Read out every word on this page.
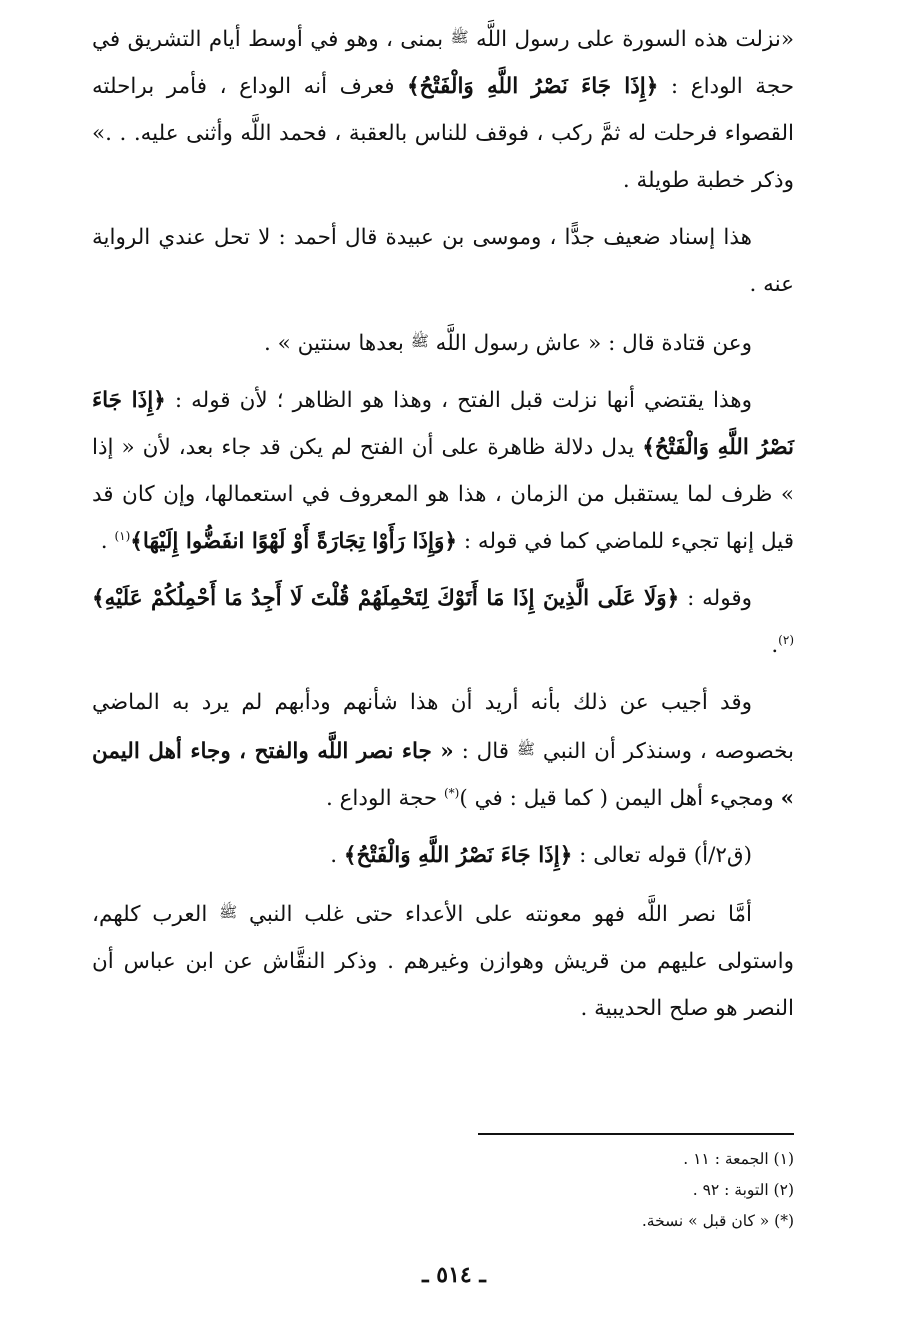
«نزلت هذه السورة على رسول اللَّه ﷺ بمنى ، وهو في أوسط أيام التشريق في حجة الوداع : ﴿إِذَا جَاءَ نَصْرُ اللَّهِ وَالْفَتْحُ﴾ فعرف أنه الوداع ، فأمر براحلته القصواء فرحلت له ثمَّ ركب ، فوقف للناس بالعقبة ، فحمد اللَّه وأثنى عليه. . .» وذكر خطبة طويلة .

هذا إسناد ضعيف جدًّا ، وموسى بن عبيدة قال أحمد : لا تحل عندي الرواية عنه .

وعن قتادة قال : « عاش رسول اللَّه ﷺ بعدها سنتين » .

وهذا يقتضي أنها نزلت قبل الفتح ، وهذا هو الظاهر ؛ لأن قوله : ﴿إِذَا جَاءَ نَصْرُ اللَّهِ وَالْفَتْحُ﴾ يدل دلالة ظاهرة على أن الفتح لم يكن قد جاء بعد، لأن « إذا » ظرف لما يستقبل من الزمان ، هذا هو المعروف في استعمالها، وإن كان قد قيل إنها تجيء للماضي كما في قوله : ﴿وَإِذَا رَأَوْا تِجَارَةً أَوْ لَهْوًا انفَضُّوا إِلَيْهَا﴾$^{(١)}$ .

وقوله : ﴿وَلَا عَلَى الَّذِينَ إِذَا مَا أَتَوْكَ لِتَحْمِلَهُمْ قُلْتَ لَا أَجِدُ مَا أَحْمِلُكُمْ عَلَيْهِ﴾$^{(٢)}$.

وقد أجيب عن ذلك بأنه أريد أن هذا شأنهم ودأبهم لم يرد به الماضي بخصوصه ، وسنذكر أن النبي ﷺ قال : « جاء نصر اللَّه والفتح ، وجاء أهل اليمن » ومجيء أهل اليمن ( كما قيل : في )(*) حجة الوداع .

(ق٢/أ) قوله تعالى : ﴿إِذَا جَاءَ نَصْرُ اللَّهِ وَالْفَتْحُ﴾ .

أمَّا نصر اللَّه فهو معونته على الأعداء حتى غلب النبي ﷺ العرب كلهم، واستولى عليهم من قريش وهوازن وغيرهم . وذكر النقَّاش عن ابن عباس أن النصر هو صلح الحديبية .

(١) الجمعة : ١١ .

(٢) التوبة : ٩٢ .

(*) « كان قبل » نسخة.

ـ ٥١٤ ـ
